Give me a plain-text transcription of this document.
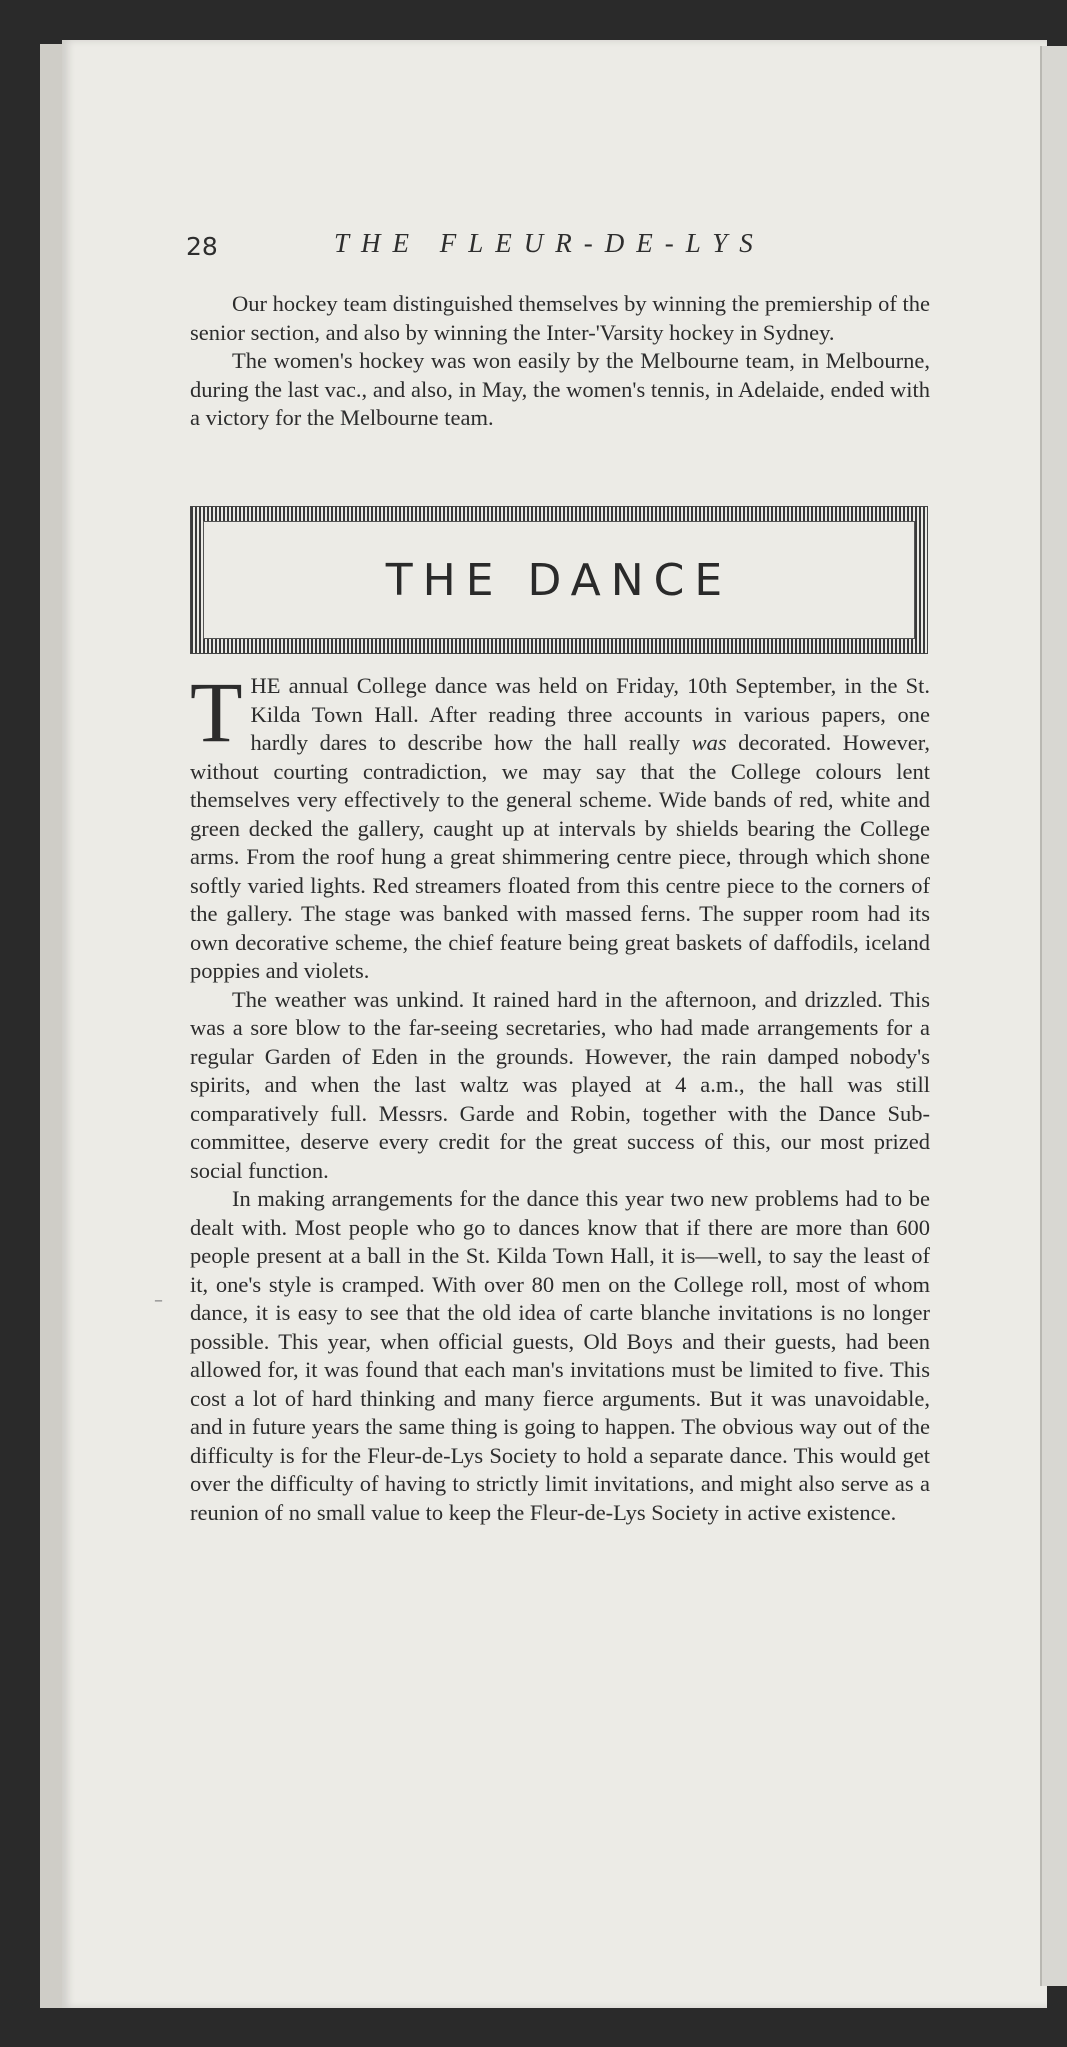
28	THE FLEUR-DE-LYS

Our hockey team distinguished themselves by winning the premiership of the senior section, and also by winning the Inter-'Varsity hockey in Sydney.

The women's hockey was won easily by the Melbourne team, in Melbourne, during the last vac., and also, in May, the women's tennis, in Adelaide, ended with a victory for the Melbourne team.

THE DANCE

THE annual College dance was held on Friday, 10th September, in the St. Kilda Town Hall. After reading three accounts in various papers, one hardly dares to describe how the hall really was decorated. However, without courting contradiction, we may say that the College colours lent themselves very effectively to the general scheme. Wide bands of red, white and green decked the gallery, caught up at intervals by shields bearing the College arms. From the roof hung a great shimmering centre piece, through which shone softly varied lights. Red streamers floated from this centre piece to the corners of the gallery. The stage was banked with massed ferns. The supper room had its own decorative scheme, the chief feature being great baskets of daffodils, iceland poppies and violets.

The weather was unkind. It rained hard in the afternoon, and drizzled. This was a sore blow to the far-seeing secretaries, who had made arrangements for a regular Garden of Eden in the grounds. However, the rain damped nobody's spirits, and when the last waltz was played at 4 a.m., the hall was still comparatively full. Messrs. Garde and Robin, together with the Dance Sub-committee, deserve every credit for the great success of this, our most prized social function.

In making arrangements for the dance this year two new problems had to be dealt with. Most people who go to dances know that if there are more than 600 people present at a ball in the St. Kilda Town Hall, it is—well, to say the least of it, one's style is cramped. With over 80 men on the College roll, most of whom dance, it is easy to see that the old idea of carte blanche invitations is no longer possible. This year, when official guests, Old Boys and their guests, had been allowed for, it was found that each man's invitations must be limited to five. This cost a lot of hard thinking and many fierce arguments. But it was unavoidable, and in future years the same thing is going to happen. The obvious way out of the difficulty is for the Fleur-de-Lys Society to hold a separate dance. This would get over the difficulty of having to strictly limit invitations, and might also serve as a reunion of no small value to keep the Fleur-de-Lys Society in active existence.

–
